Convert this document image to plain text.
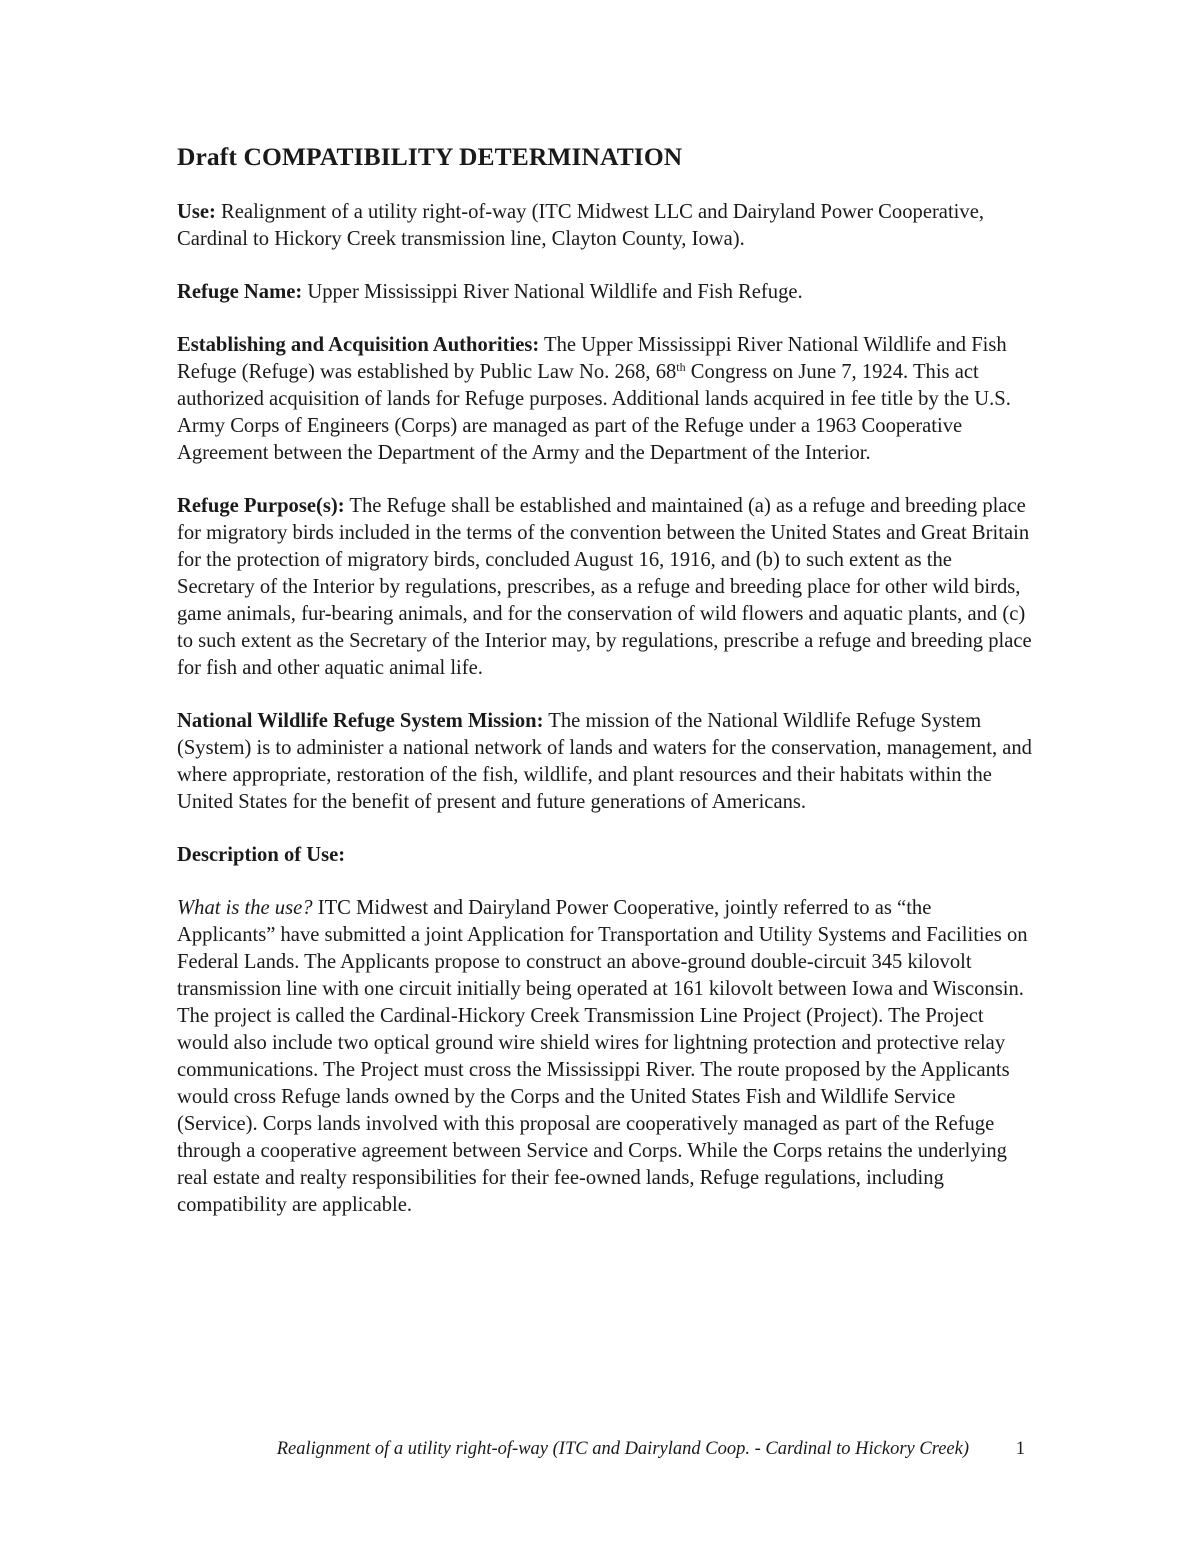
Draft COMPATIBILITY DETERMINATION

Use: Realignment of a utility right-of-way (ITC Midwest LLC and Dairyland Power Cooperative, Cardinal to Hickory Creek transmission line, Clayton County, Iowa).

Refuge Name: Upper Mississippi River National Wildlife and Fish Refuge.

Establishing and Acquisition Authorities: The Upper Mississippi River National Wildlife and Fish Refuge (Refuge) was established by Public Law No. 268, 68th Congress on June 7, 1924. This act authorized acquisition of lands for Refuge purposes. Additional lands acquired in fee title by the U.S. Army Corps of Engineers (Corps) are managed as part of the Refuge under a 1963 Cooperative Agreement between the Department of the Army and the Department of the Interior.

Refuge Purpose(s): The Refuge shall be established and maintained (a) as a refuge and breeding place for migratory birds included in the terms of the convention between the United States and Great Britain for the protection of migratory birds, concluded August 16, 1916, and (b) to such extent as the Secretary of the Interior by regulations, prescribes, as a refuge and breeding place for other wild birds, game animals, fur-bearing animals, and for the conservation of wild flowers and aquatic plants, and (c) to such extent as the Secretary of the Interior may, by regulations, prescribe a refuge and breeding place for fish and other aquatic animal life.

National Wildlife Refuge System Mission: The mission of the National Wildlife Refuge System (System) is to administer a national network of lands and waters for the conservation, management, and where appropriate, restoration of the fish, wildlife, and plant resources and their habitats within the United States for the benefit of present and future generations of Americans.

Description of Use:

What is the use? ITC Midwest and Dairyland Power Cooperative, jointly referred to as “the Applicants” have submitted a joint Application for Transportation and Utility Systems and Facilities on Federal Lands. The Applicants propose to construct an above-ground double-circuit 345 kilovolt transmission line with one circuit initially being operated at 161 kilovolt between Iowa and Wisconsin. The project is called the Cardinal-Hickory Creek Transmission Line Project (Project). The Project would also include two optical ground wire shield wires for lightning protection and protective relay communications. The Project must cross the Mississippi River. The route proposed by the Applicants would cross Refuge lands owned by the Corps and the United States Fish and Wildlife Service (Service). Corps lands involved with this proposal are cooperatively managed as part of the Refuge through a cooperative agreement between Service and Corps. While the Corps retains the underlying real estate and realty responsibilities for their fee-owned lands, Refuge regulations, including compatibility are applicable.

Realignment of a utility right-of-way (ITC and Dairyland Coop. - Cardinal to Hickory Creek)	1
